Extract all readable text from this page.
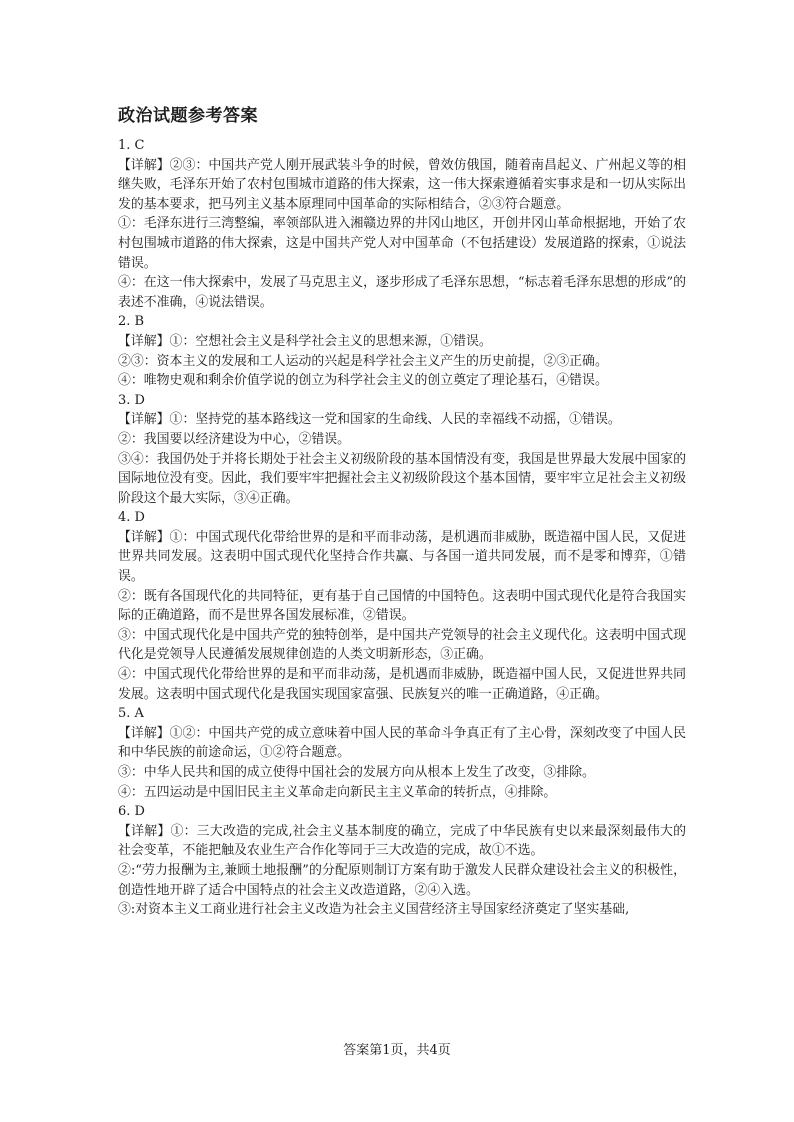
政治试题参考答案

1. C

【详解】②③：中国共产党人刚开展武装斗争的时候，曾效仿俄国，随着南昌起义、广州起义等的相继失败，毛泽东开始了农村包围城市道路的伟大探索，这一伟大探索遵循着实事求是和一切从实际出发的基本要求，把马列主义基本原理同中国革命的实际相结合，②③符合题意。

①：毛泽东进行三湾整编，率领部队进入湘赣边界的井冈山地区，开创井冈山革命根据地，开始了农村包围城市道路的伟大探索，这是中国共产党人对中国革命（不包括建设）发展道路的探索，①说法错误。

④：在这一伟大探索中，发展了马克思主义，逐步形成了毛泽东思想，“标志着毛泽东思想的形成”的表述不准确，④说法错误。

2. B

【详解】①：空想社会主义是科学社会主义的思想来源，①错误。

②③：资本主义的发展和工人运动的兴起是科学社会主义产生的历史前提，②③正确。

④：唯物史观和剩余价值学说的创立为科学社会主义的创立奠定了理论基石，④错误。

3. D

【详解】①：坚持党的基本路线这一党和国家的生命线、人民的幸福线不动摇，①错误。

②：我国要以经济建设为中心，②错误。

③④：我国仍处于并将长期处于社会主义初级阶段的基本国情没有变，我国是世界最大发展中国家的国际地位没有变。因此，我们要牢牢把握社会主义初级阶段这个基本国情，要牢牢立足社会主义初级阶段这个最大实际，③④正确。

4. D

【详解】①：中国式现代化带给世界的是和平而非动荡，是机遇而非威胁，既造福中国人民，又促进世界共同发展。这表明中国式现代化坚持合作共赢、与各国一道共同发展，而不是零和博弈，①错误。

②：既有各国现代化的共同特征，更有基于自己国情的中国特色。这表明中国式现代化是符合我国实际的正确道路，而不是世界各国发展标准，②错误。

③：中国式现代化是中国共产党的独特创举，是中国共产党领导的社会主义现代化。这表明中国式现代化是党领导人民遵循发展规律创造的人类文明新形态，③正确。

④：中国式现代化带给世界的是和平而非动荡，是机遇而非威胁，既造福中国人民，又促进世界共同发展。这表明中国式现代化是我国实现国家富强、民族复兴的唯一正确道路，④正确。

5. A

【详解】①②：中国共产党的成立意味着中国人民的革命斗争真正有了主心骨，深刻改变了中国人民和中华民族的前途命运，①②符合题意。

③：中华人民共和国的成立使得中国社会的发展方向从根本上发生了改变，③排除。

④：五四运动是中国旧民主主义革命走向新民主主义革命的转折点，④排除。

6. D

【详解】①：三大改造的完成,社会主义基本制度的确立，完成了中华民族有史以来最深刻最伟大的社会变革，不能把触及农业生产合作化等同于三大改造的完成，故①不选。

②:“劳力报酬为主,兼顾土地报酬”的分配原则制订方案有助于激发人民群众建设社会主义的积极性，创造性地开辟了适合中国特点的社会主义改造道路，②④入选。

③:对资本主义工商业进行社会主义改造为社会主义国营经济主导国家经济奠定了坚实基础,

答案第1页，共4页
